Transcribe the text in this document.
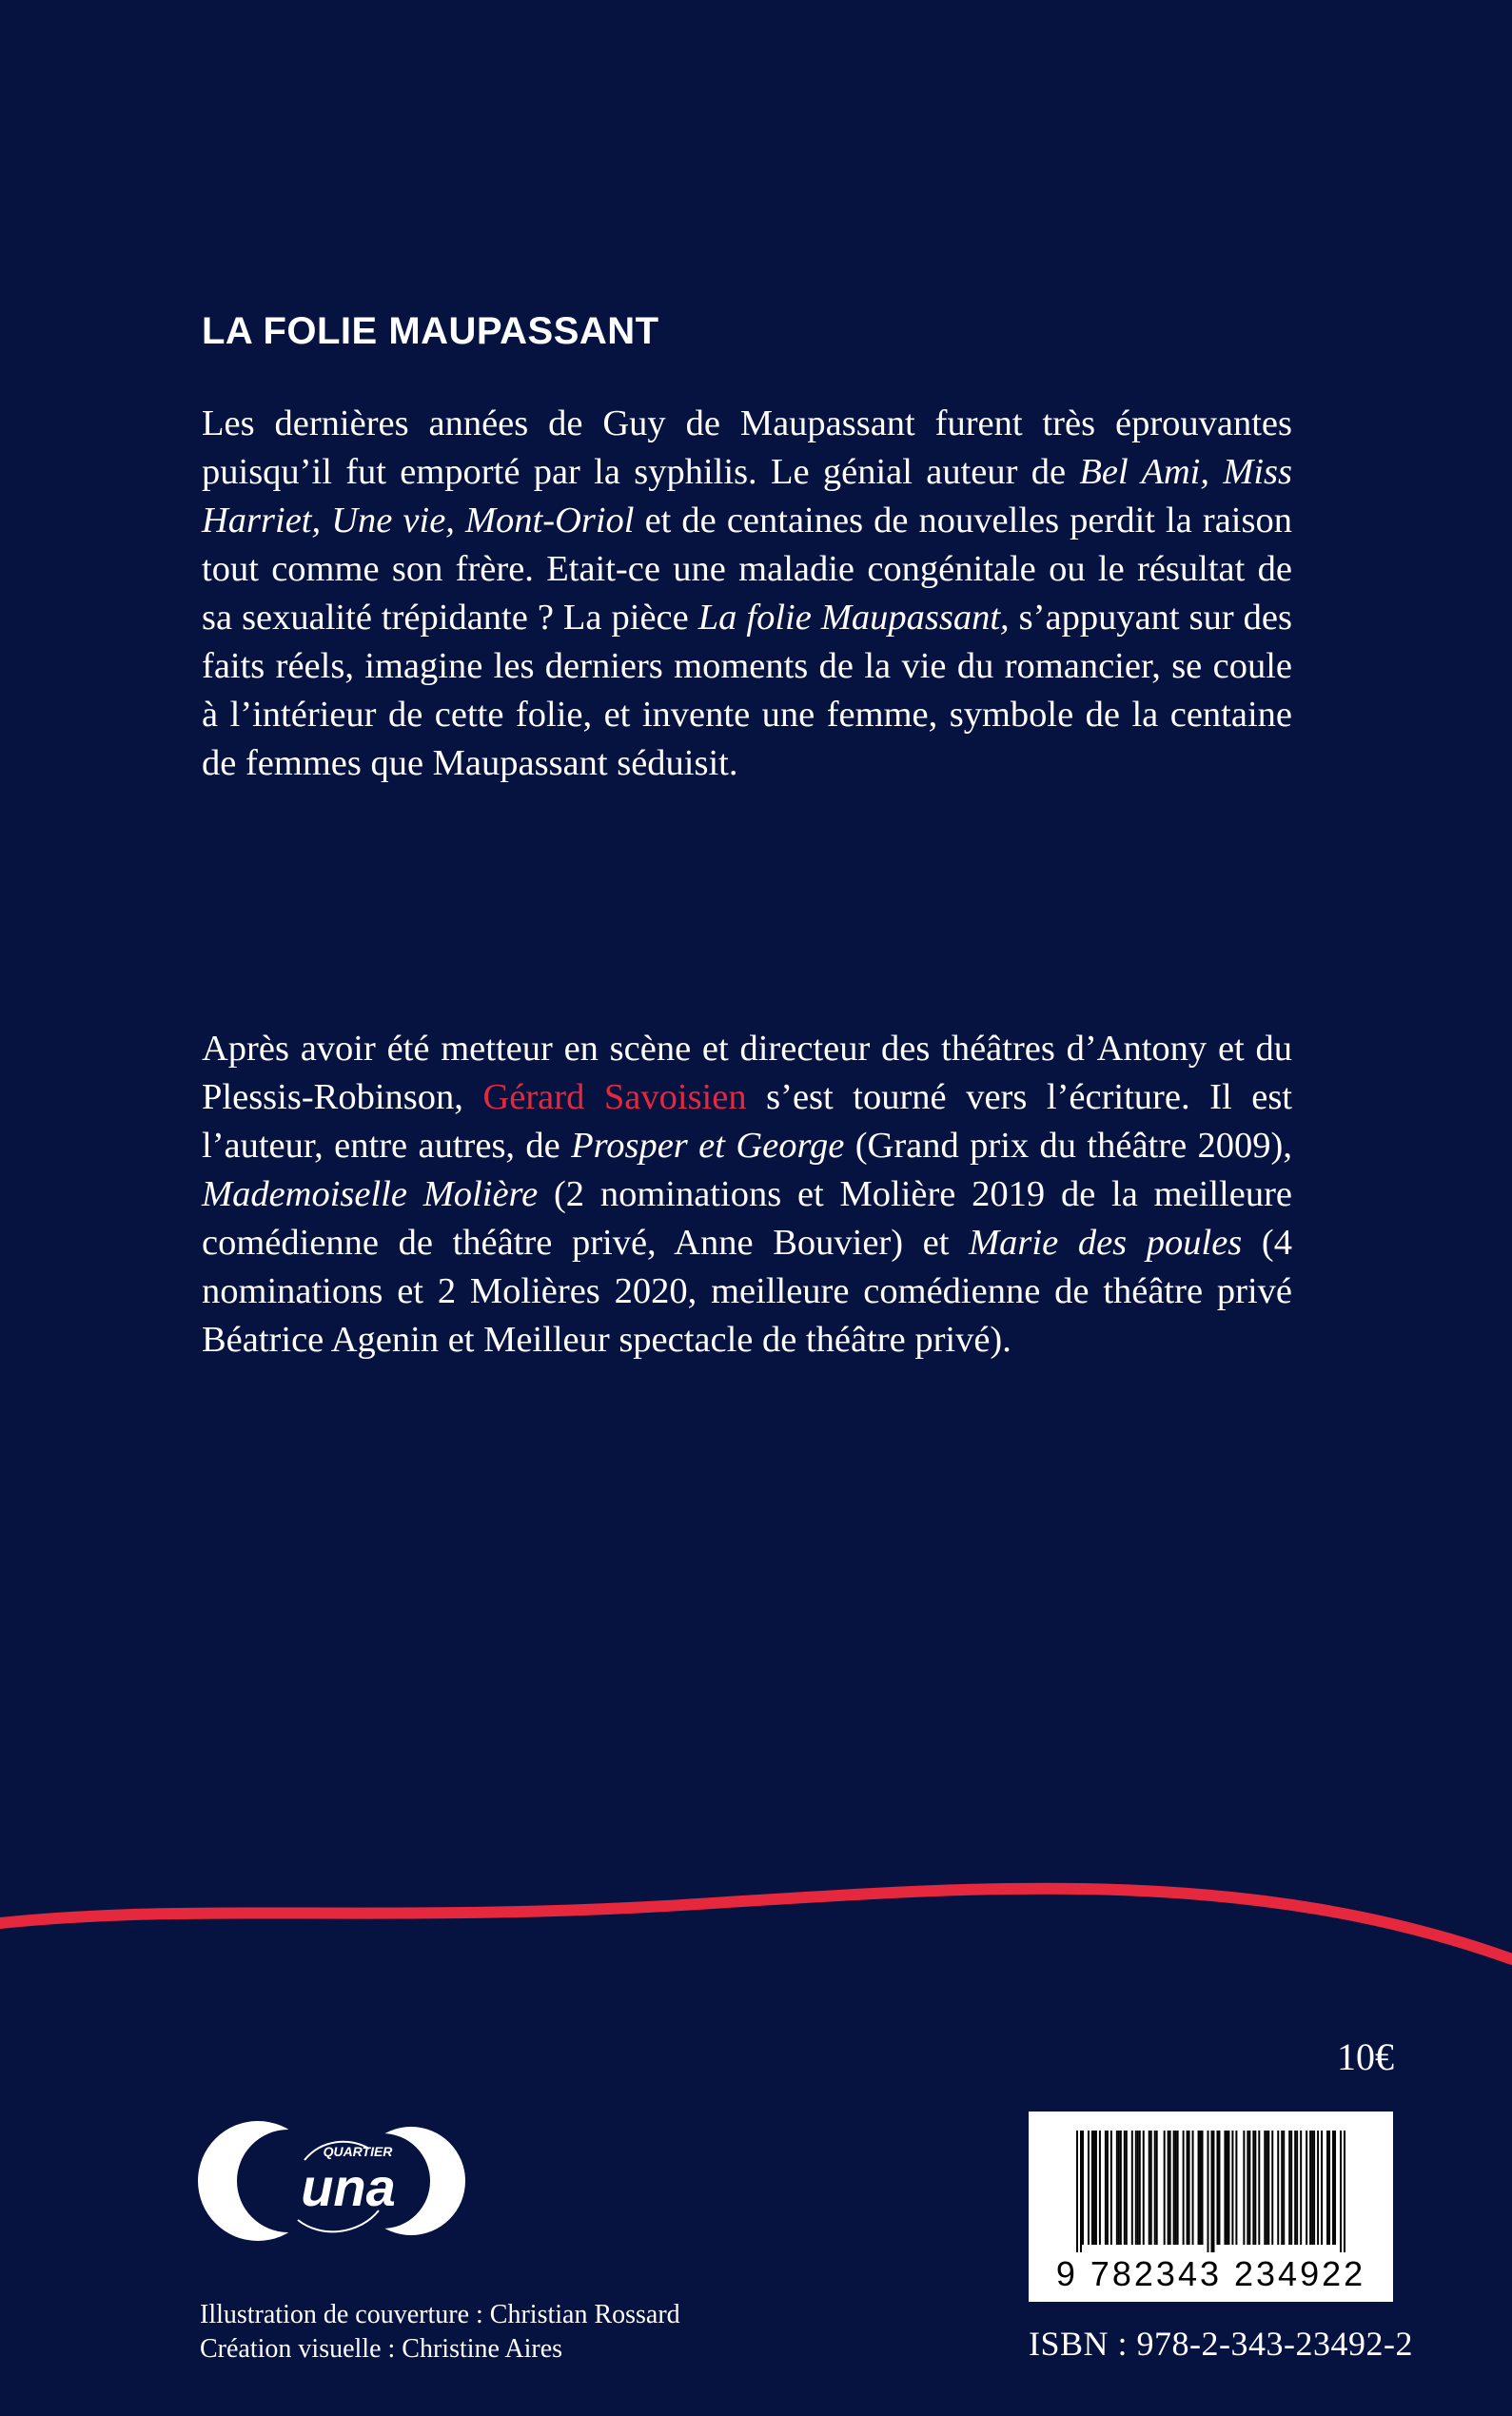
LA FOLIE MAUPASSANT

Les dernières années de Guy de Maupassant furent très éprouvantes puisqu’il fut emporté par la syphilis. Le génial auteur de Bel Ami, Miss Harriet, Une vie, Mont-Oriol et de centaines de nouvelles perdit la raison tout comme son frère. Etait-ce une maladie congénitale ou le résultat de sa sexualité trépidante ? La pièce La folie Maupassant, s’appuyant sur des faits réels, imagine les derniers moments de la vie du romancier, se coule à l’intérieur de cette folie, et invente une femme, symbole de la centaine de femmes que Maupassant séduisit.

Après avoir été metteur en scène et directeur des théâtres d’Antony et du Plessis-Robinson, Gérard Savoisien s’est tourné vers l’écriture. Il est l’auteur, entre autres, de Prosper et George (Grand prix du théâtre 2009), Mademoiselle Molière (2 nominations et Molière 2019 de la meilleure comédienne de théâtre privé, Anne Bouvier) et Marie des poules (4 nominations et 2 Molières 2020, meilleure comédienne de théâtre privé Béatrice Agenin et Meilleur spectacle de théâtre privé).

10€
QUARTIER
una
9 782343 234922
ISBN : 978-2-343-23492-2
Illustration de couverture : Christian Rossard
Création visuelle : Christine Aires
